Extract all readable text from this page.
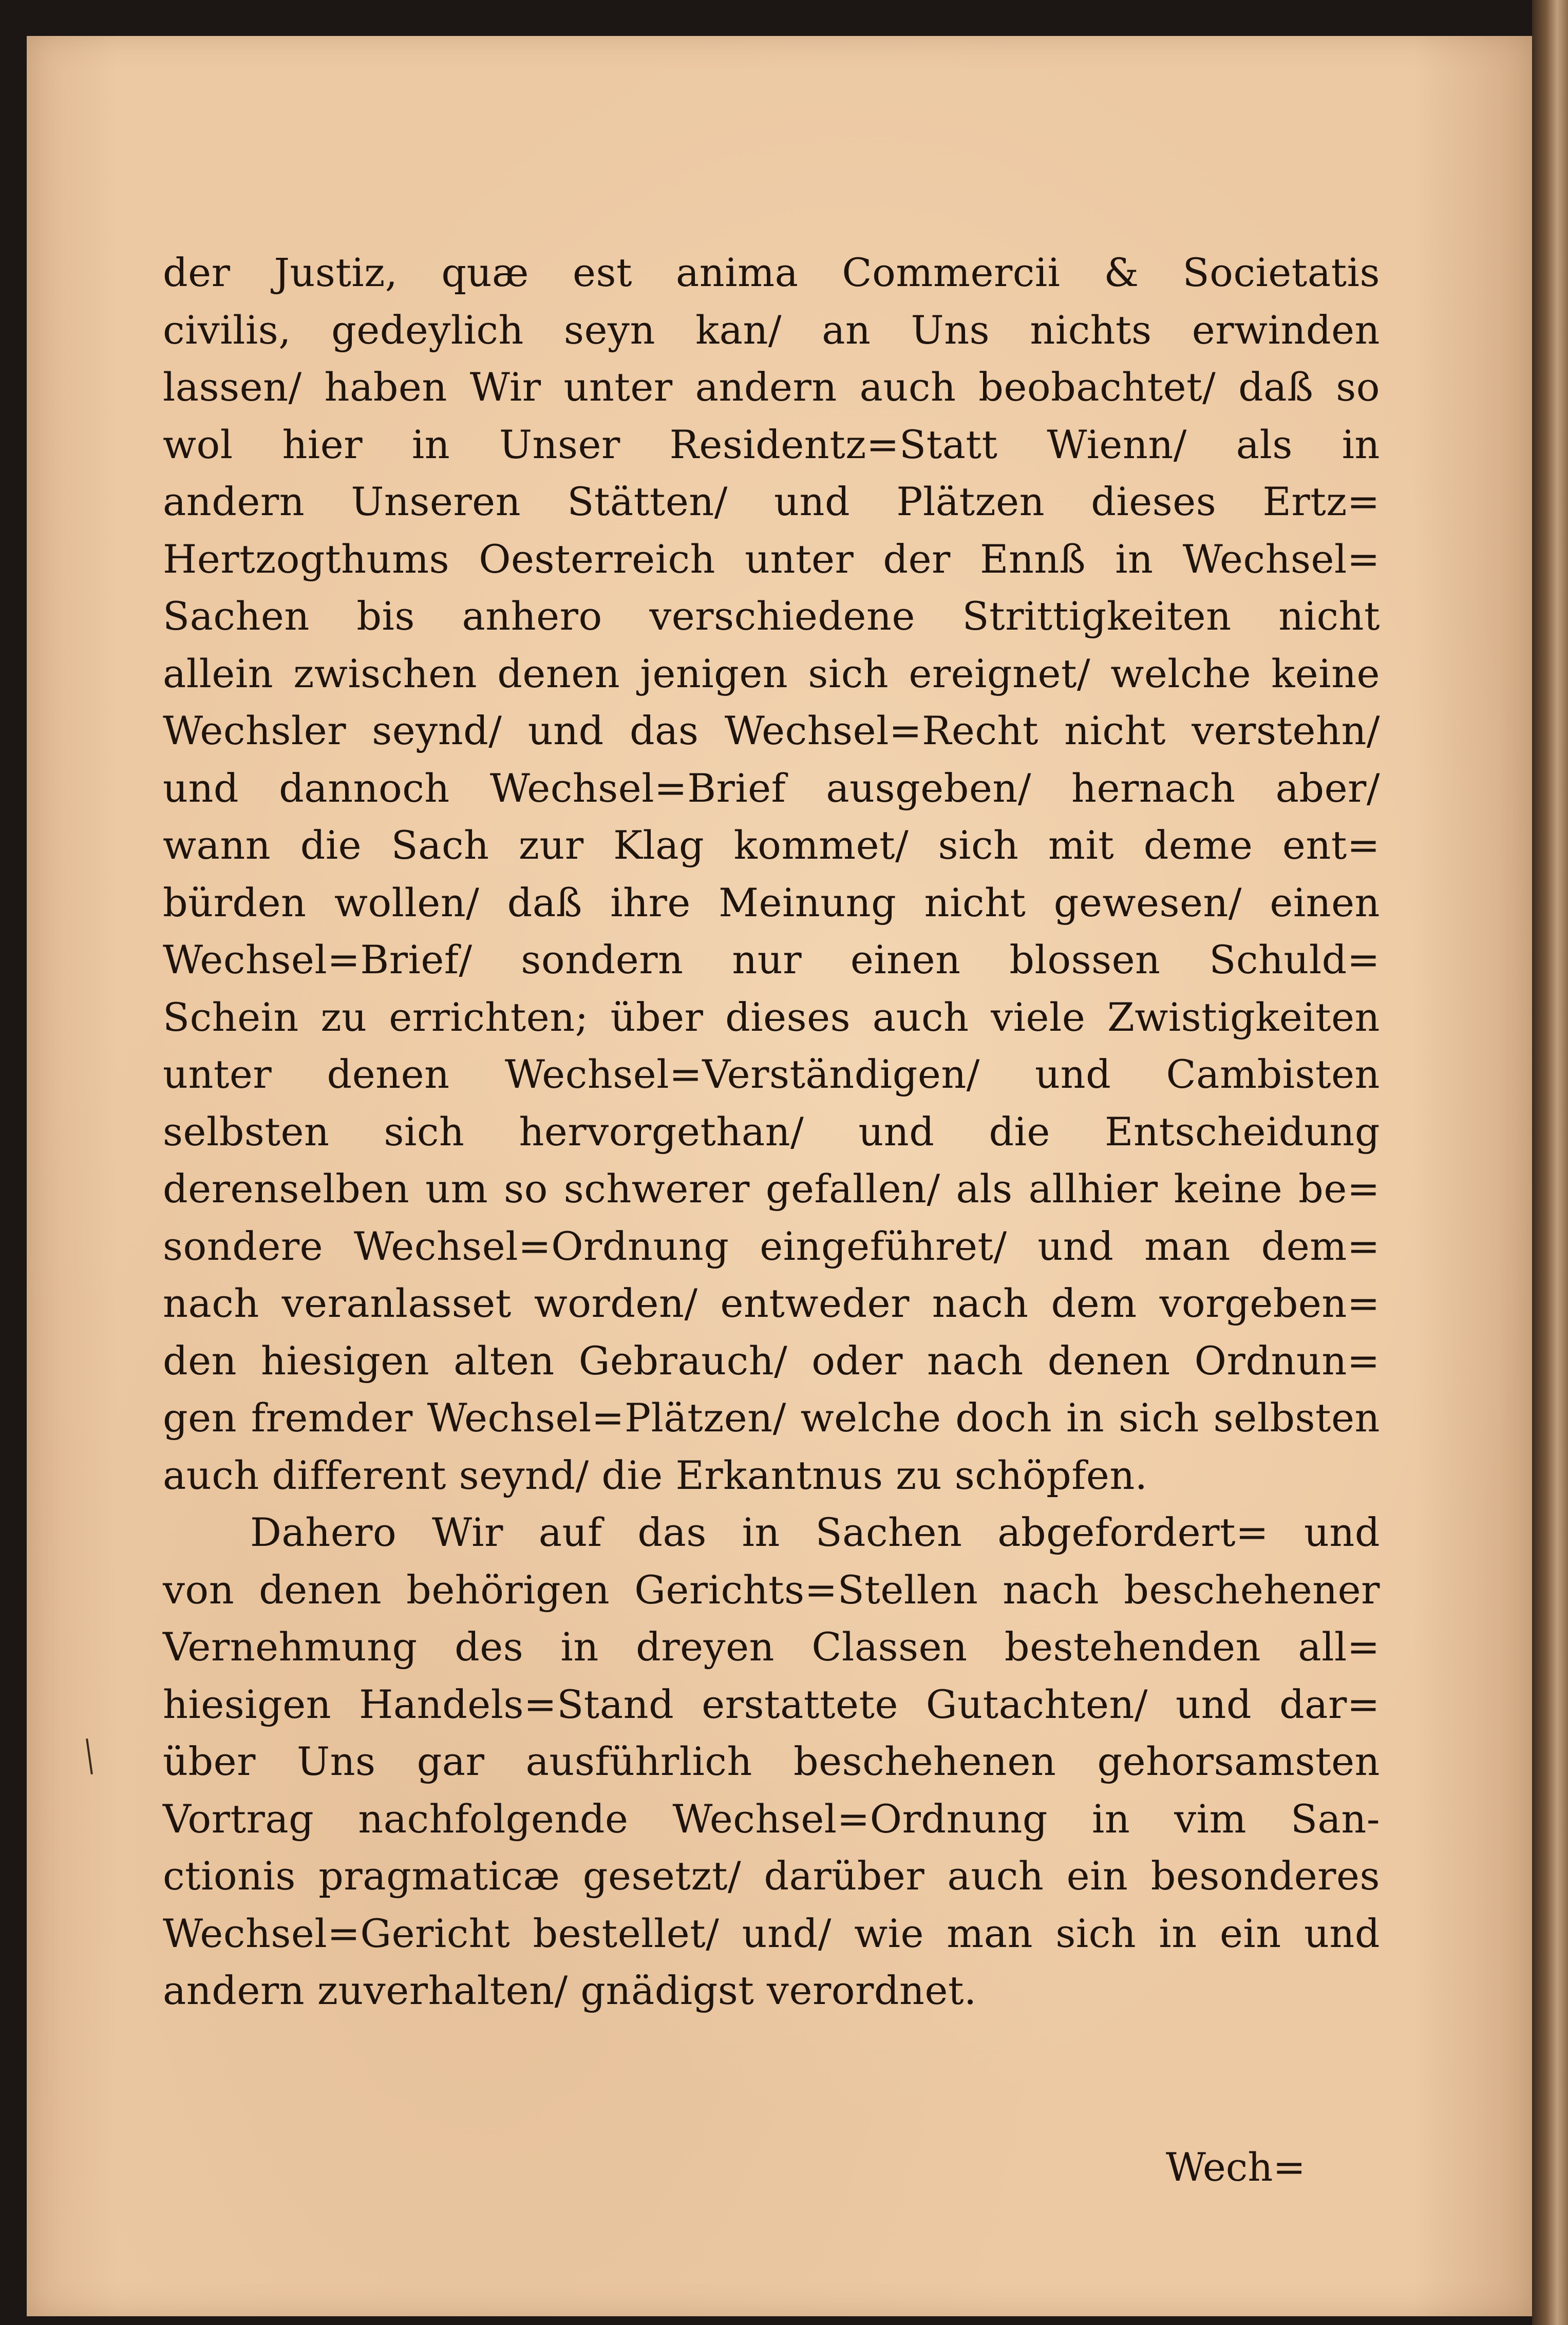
der Justiz, quæ est anima Commercii & Societatis
civilis, gedeylich seyn kan/ an Uns nichts erwinden
lassen/ haben Wir unter andern auch beobachtet/ daß so
wol hier in Unser Residentz=Statt Wienn/ als in
andern Unseren Stätten/ und Plätzen dieses Ertz=
Hertzogthums Oesterreich unter der Ennß in Wechsel=
Sachen bis anhero verschiedene Strittigkeiten nicht
allein zwischen denen jenigen sich ereignet/ welche keine
Wechsler seynd/ und das Wechsel=Recht nicht verstehn/
und dannoch Wechsel=Brief ausgeben/ hernach aber/
wann die Sach zur Klag kommet/ sich mit deme ent=
bürden wollen/ daß ihre Meinung nicht gewesen/ einen
Wechsel=Brief/ sondern nur einen blossen Schuld=
Schein zu errichten; über dieses auch viele Zwistigkeiten
unter denen Wechsel=Verständigen/ und Cambisten
selbsten sich hervorgethan/ und die Entscheidung
derenselben um so schwerer gefallen/ als allhier keine be=
sondere Wechsel=Ordnung eingeführet/ und man dem=
nach veranlasset worden/ entweder nach dem vorgeben=
den hiesigen alten Gebrauch/ oder nach denen Ordnun=
gen fremder Wechsel=Plätzen/ welche doch in sich selbsten
auch different seynd/ die Erkantnus zu schöpfen.
Dahero Wir auf das in Sachen abgefordert= und
von denen behörigen Gerichts=Stellen nach beschehener
Vernehmung des in dreyen Classen bestehenden all=
hiesigen Handels=Stand erstattete Gutachten/ und dar=
über Uns gar ausführlich beschehenen gehorsamsten
Vortrag nachfolgende Wechsel=Ordnung in vim San-
ctionis pragmaticæ gesetzt/ darüber auch ein besonderes
Wechsel=Gericht bestellet/ und/ wie man sich in ein und
andern zuverhalten/ gnädigst verordnet.
Wech=
